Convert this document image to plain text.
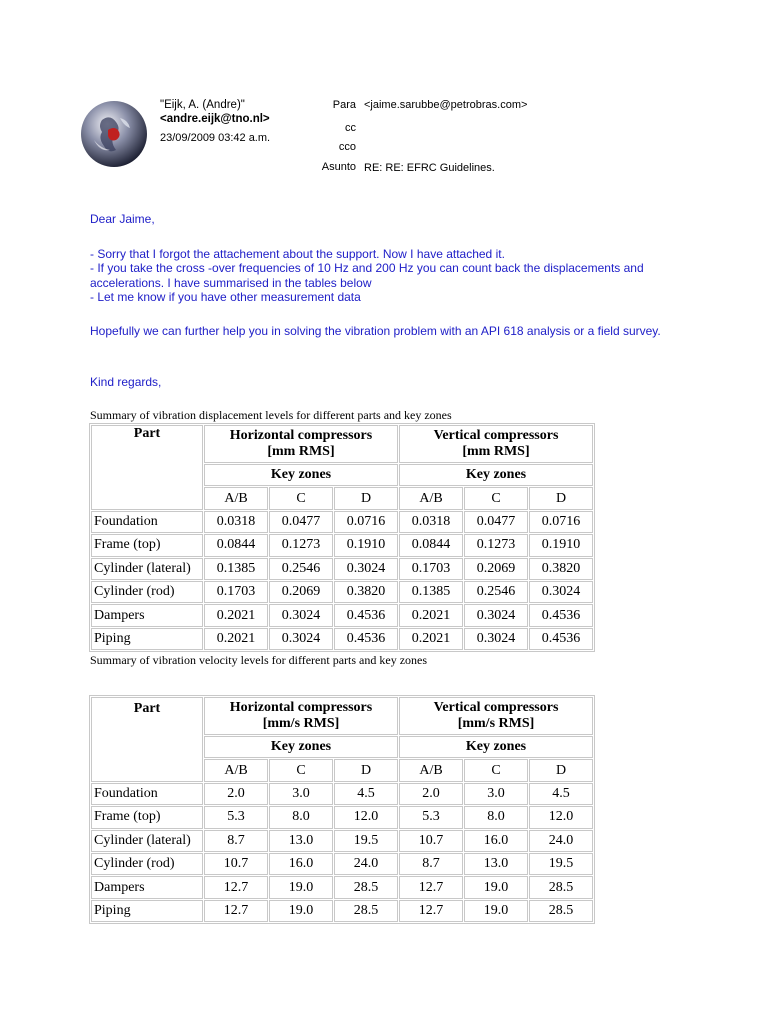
"Eijk, A. (Andre)"
<andre.eijk@tno.nl>
23/09/2009 03:42 a.m.
Para <jaime.sarubbe@petrobras.com>
cc
cco
Asunto RE: RE: EFRC Guidelines.

Dear Jaime,

- Sorry that I forgot the attachement about the support. Now I have attached it.

- If you take the cross -over frequencies of 10 Hz and 200 Hz you can count back the displacements and accelerations. I have summarised in the tables below

- Let me know if you have other measurement data

Hopefully we can further help you in solving the vibration problem with an API 618 analysis or a field survey.

Kind regards,

Summary of vibration displacement levels for different parts and key zones
Part	Horizontal compressors
[mm RMS]			Vertical compressors
[mm RMS]		
	Key zones			Key zones		
	A/B	C	D	A/B	C	D
Foundation	0.0318	0.0477	0.0716	0.0318	0.0477	0.0716
Frame (top)	0.0844	0.1273	0.1910	0.0844	0.1273	0.1910
Cylinder (lateral)	0.1385	0.2546	0.3024	0.1703	0.2069	0.3820
Cylinder (rod)	0.1703	0.2069	0.3820	0.1385	0.2546	0.3024
Dampers	0.2021	0.3024	0.4536	0.2021	0.3024	0.4536
Piping	0.2021	0.3024	0.4536	0.2021	0.3024	0.4536
Summary of vibration velocity levels for different parts and key zones
Part	Horizontal compressors
[mm/s RMS]			Vertical compressors
[mm/s RMS]		
	Key zones			Key zones		
	A/B	C	D	A/B	C	D
Foundation	2.0	3.0	4.5	2.0	3.0	4.5
Frame (top)	5.3	8.0	12.0	5.3	8.0	12.0
Cylinder (lateral)	8.7	13.0	19.5	10.7	16.0	24.0
Cylinder (rod)	10.7	16.0	24.0	8.7	13.0	19.5
Dampers	12.7	19.0	28.5	12.7	19.0	28.5
Piping	12.7	19.0	28.5	12.7	19.0	28.5
